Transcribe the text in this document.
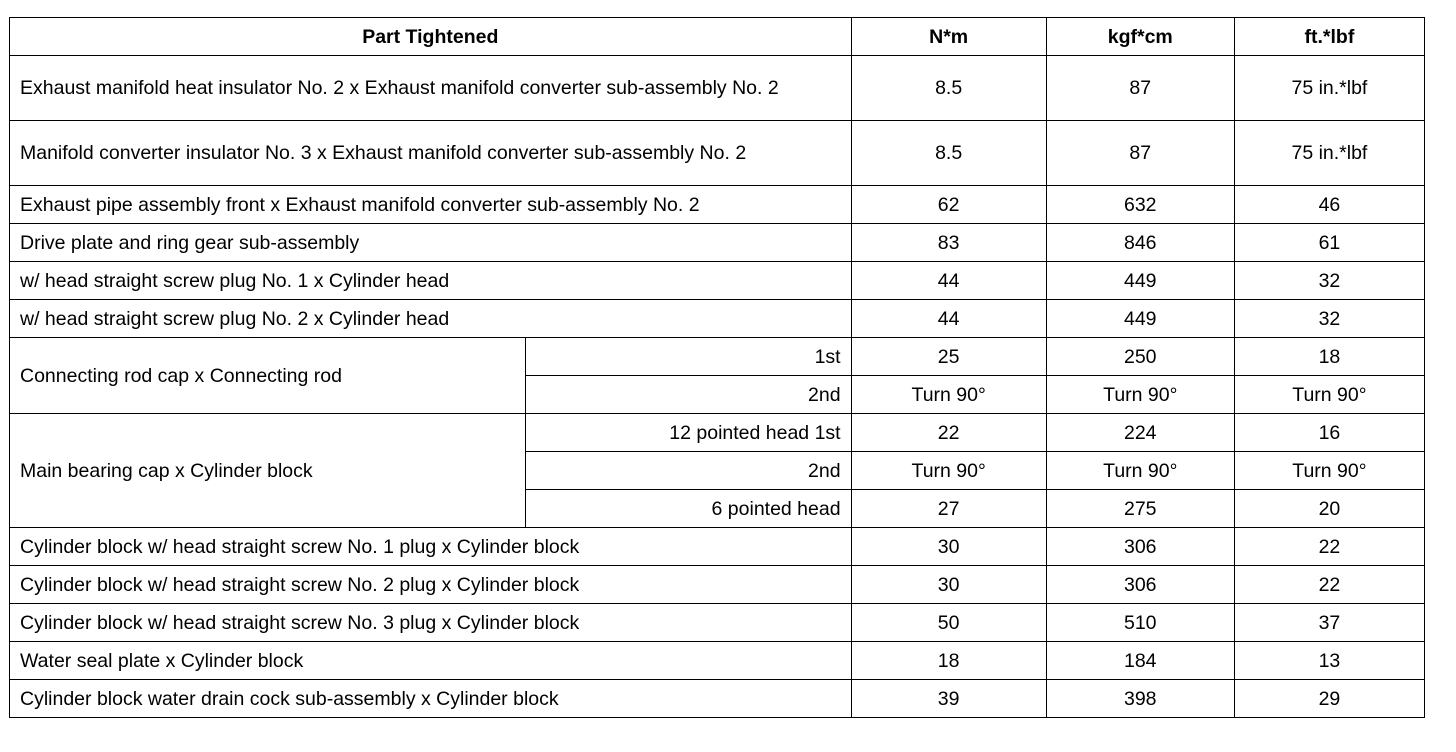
Part Tightened		N*m	kgf*cm	ft.*lbf
Exhaust manifold heat insulator No. 2 x Exhaust manifold converter sub-assembly No. 2		8.5	87	75 in.*lbf
Manifold converter insulator No. 3 x Exhaust manifold converter sub-assembly No. 2		8.5	87	75 in.*lbf
Exhaust pipe assembly front x Exhaust manifold converter sub-assembly No. 2		62	632	46
Drive plate and ring gear sub-assembly		83	846	61
w/ head straight screw plug No. 1 x Cylinder head		44	449	32
w/ head straight screw plug No. 2 x Cylinder head		44	449	32
Connecting rod cap x Connecting rod	1st	25	250	18
	2nd	Turn 90°	Turn 90°	Turn 90°
Main bearing cap x Cylinder block	12 pointed head 1st	22	224	16
	2nd	Turn 90°	Turn 90°	Turn 90°
	6 pointed head	27	275	20
Cylinder block w/ head straight screw No. 1 plug x Cylinder block		30	306	22
Cylinder block w/ head straight screw No. 2 plug x Cylinder block		30	306	22
Cylinder block w/ head straight screw No. 3 plug x Cylinder block		50	510	37
Water seal plate x Cylinder block		18	184	13
Cylinder block water drain cock sub-assembly x Cylinder block		39	398	29
